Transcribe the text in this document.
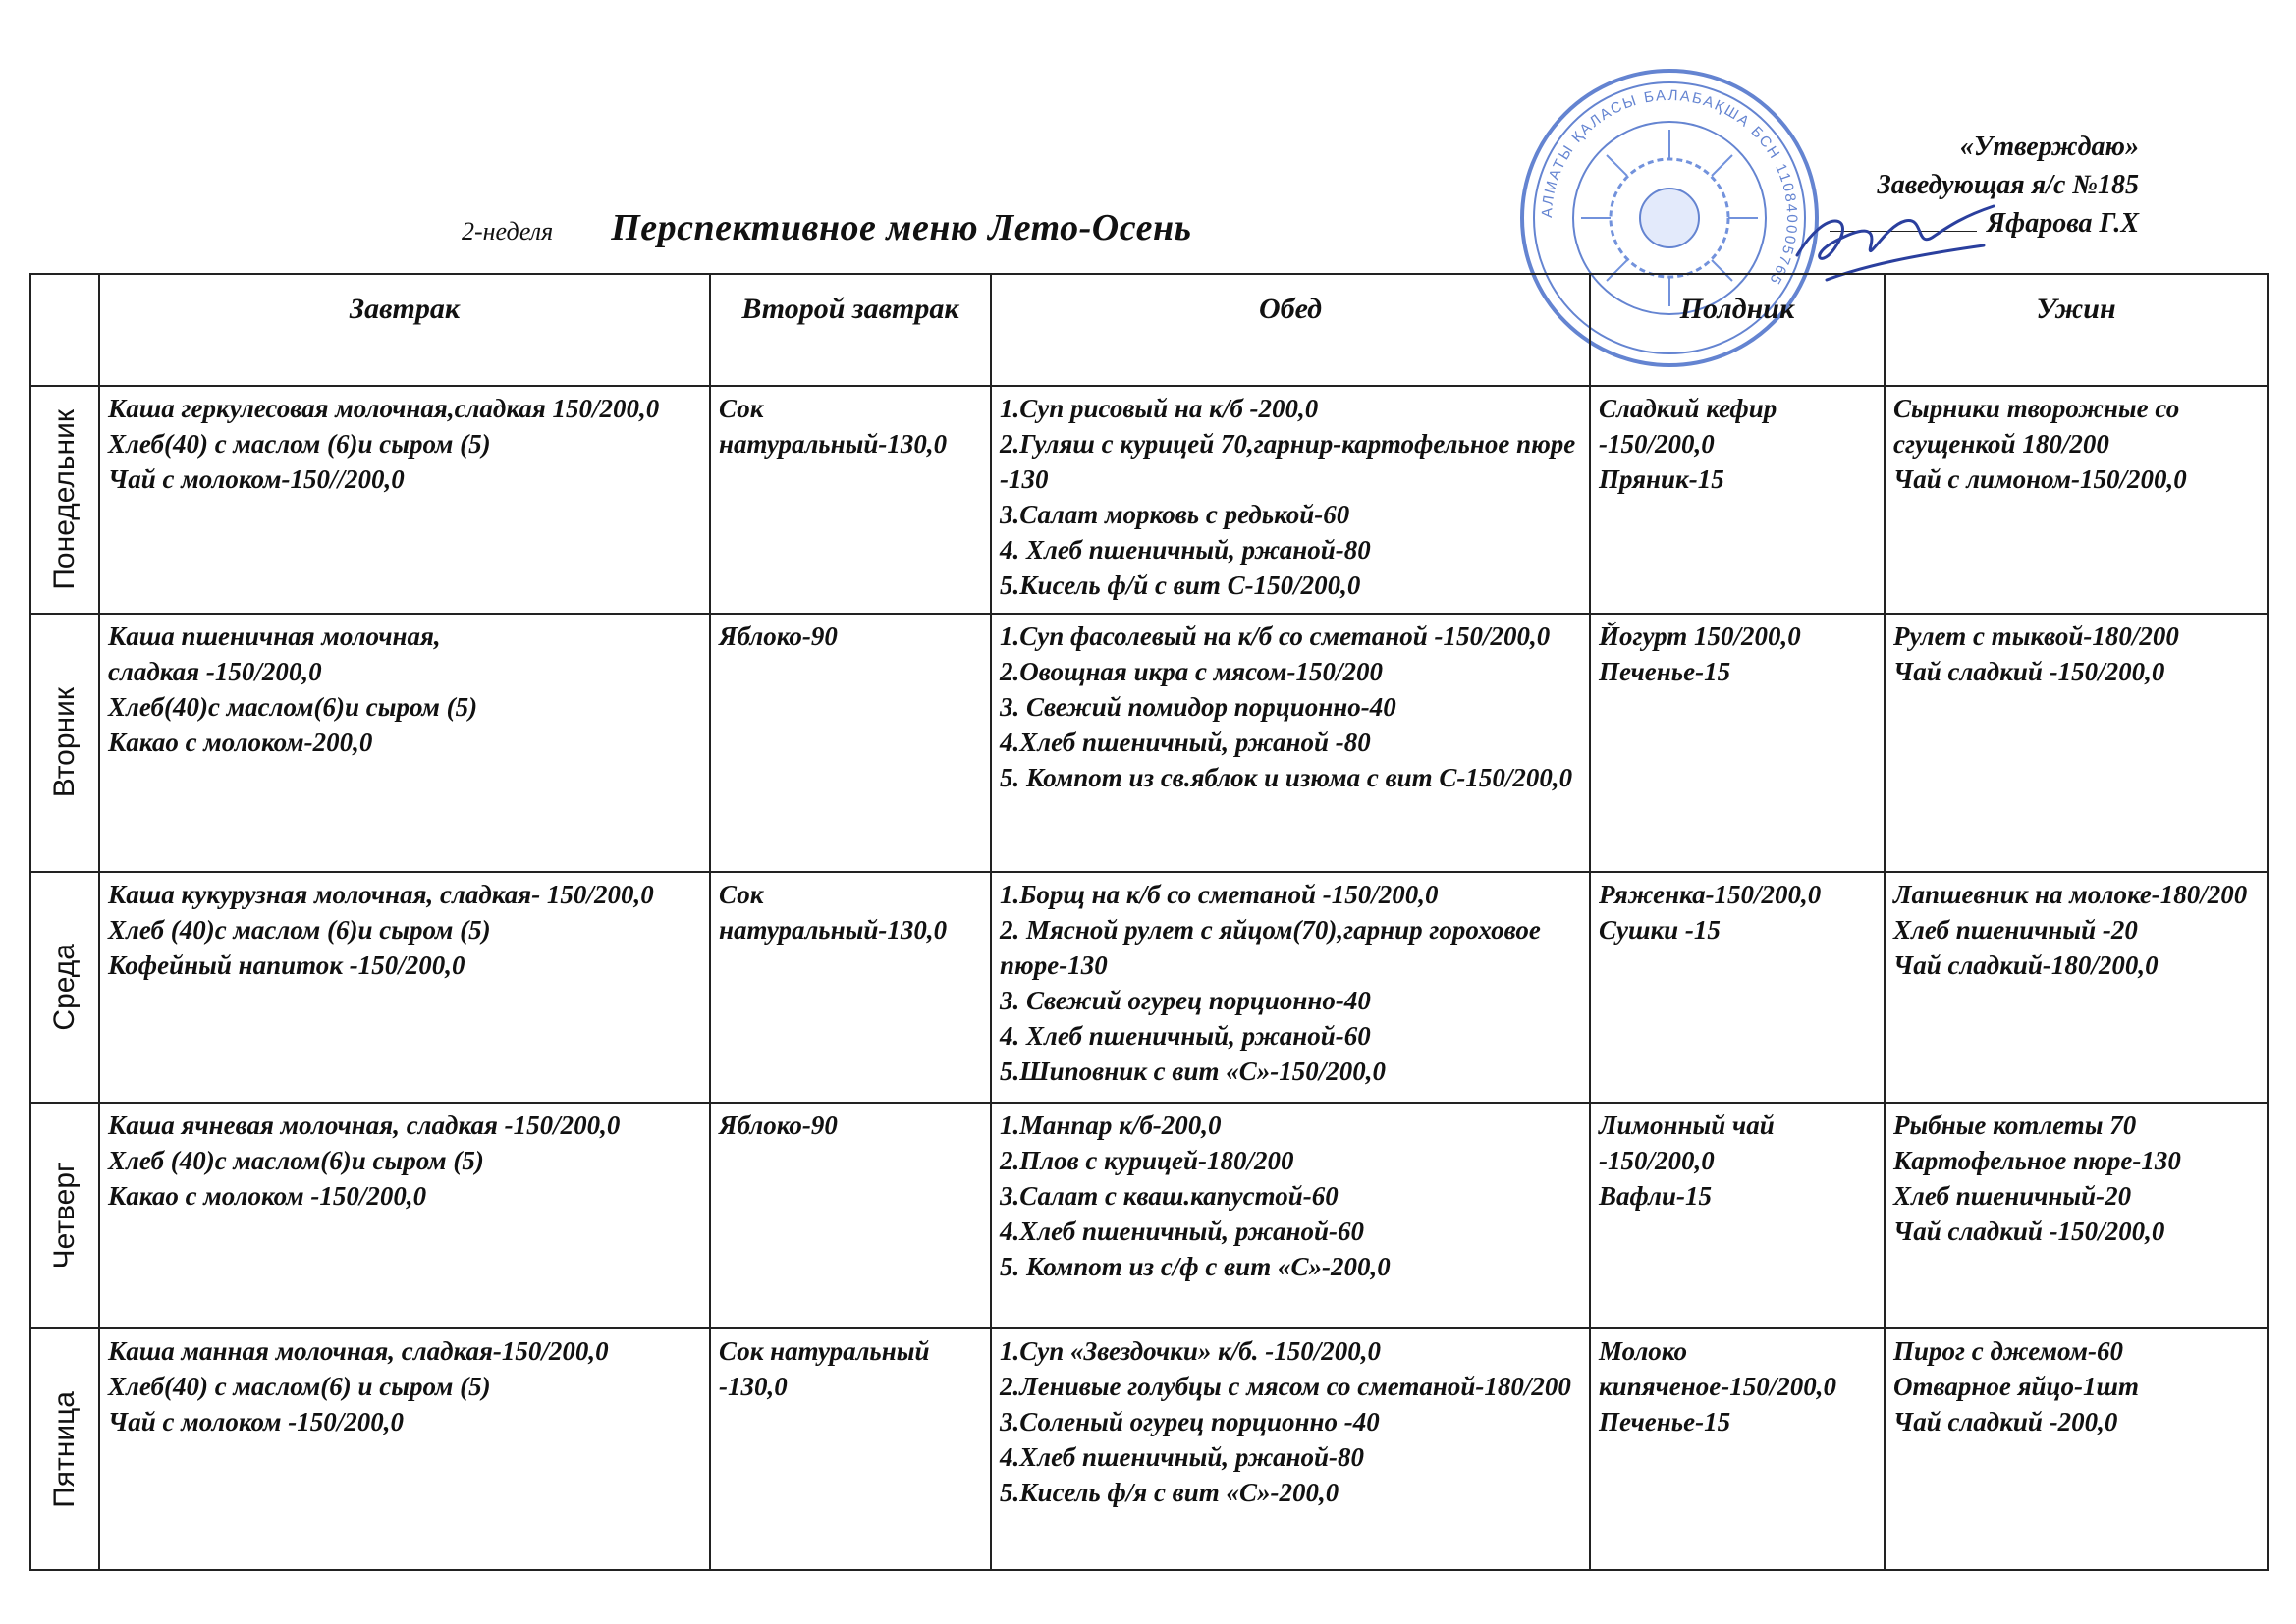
АЛМАТЫ ҚАЛАСЫ БАЛАБАҚША БСН 110840005765
«Утверждаю»
Заведующая я/с №185
Яфарова Г.Х
2-неделя Перспективное меню Лето-Осень
	Завтрак	Второй завтрак	Обед	Полдник	Ужин

Понедельник	Каша геркулесовая молочная,сладкая 150/200,0
Хлеб(40) с маслом (6)и сыром (5)
Чай с молоком-150//200,0	Сок натуральный-130,0	1.Суп рисовый на к/б -200,0
2.Гуляш с курицей 70,гарнир-картофельное пюре -130
3.Салат морковь с редькой-60
4. Хлеб пшеничный, ржаной-80
5.Кисель ф/й с вит С-150/200,0	Сладкий кефир -150/200,0
Пряник-15	Сырники творожные со сгущенкой 180/200
Чай с лимоном-150/200,0

Вторник	Каша пшеничная молочная,
сладкая -150/200,0
Хлеб(40)с маслом(6)и сыром (5)
Какао с молоком-200,0	Яблоко-90	1.Суп фасолевый на к/б со сметаной -150/200,0
2.Овощная икра с мясом-150/200
3. Свежий помидор порционно-40
4.Хлеб пшеничный, ржаной -80
5. Компот из св.яблок и изюма с вит С-150/200,0	Йогурт 150/200,0
Печенье-15	Рулет с тыквой-180/200
Чай сладкий -150/200,0

Среда	Каша кукурузная молочная, сладкая- 150/200,0
Хлеб (40)с маслом (6)и сыром (5)
Кофейный напиток -150/200,0	Сок натуральный-130,0	1.Борщ на к/б со сметаной -150/200,0
2. Мясной рулет с яйцом(70),гарнир гороховое пюре-130
3. Свежий огурец порционно-40
4. Хлеб пшеничный, ржаной-60
5.Шиповник с вит «С»-150/200,0	Ряженка-150/200,0
Сушки -15	Лапшевник на молоке-180/200
Хлеб пшеничный -20
Чай сладкий-180/200,0

Четверг	Каша ячневая молочная, сладкая -150/200,0
Хлеб (40)с маслом(6)и сыром (5)
Какао с молоком -150/200,0	Яблоко-90	1.Манпар к/б-200,0
2.Плов с курицей-180/200
3.Салат с кваш.капустой-60
4.Хлеб пшеничный, ржаной-60
5. Компот из с/ф с вит «С»-200,0	Лимонный чай -150/200,0
Вафли-15	Рыбные котлеты 70
Картофельное пюре-130
Хлеб пшеничный-20
Чай сладкий -150/200,0

Пятница	Каша манная молочная, сладкая-150/200,0
Хлеб(40) с маслом(6) и сыром (5)
Чай с молоком -150/200,0	Сок натуральный -130,0	1.Суп «Звездочки» к/б. -150/200,0
2.Ленивые голубцы с мясом со сметаной-180/200
3.Соленый огурец порционно -40
4.Хлеб пшеничный, ржаной-80
5.Кисель ф/я с вит «С»-200,0	Молоко кипяченое-150/200,0
Печенье-15	Пирог с джемом-60
Отварное яйцо-1шт
Чай сладкий -200,0
